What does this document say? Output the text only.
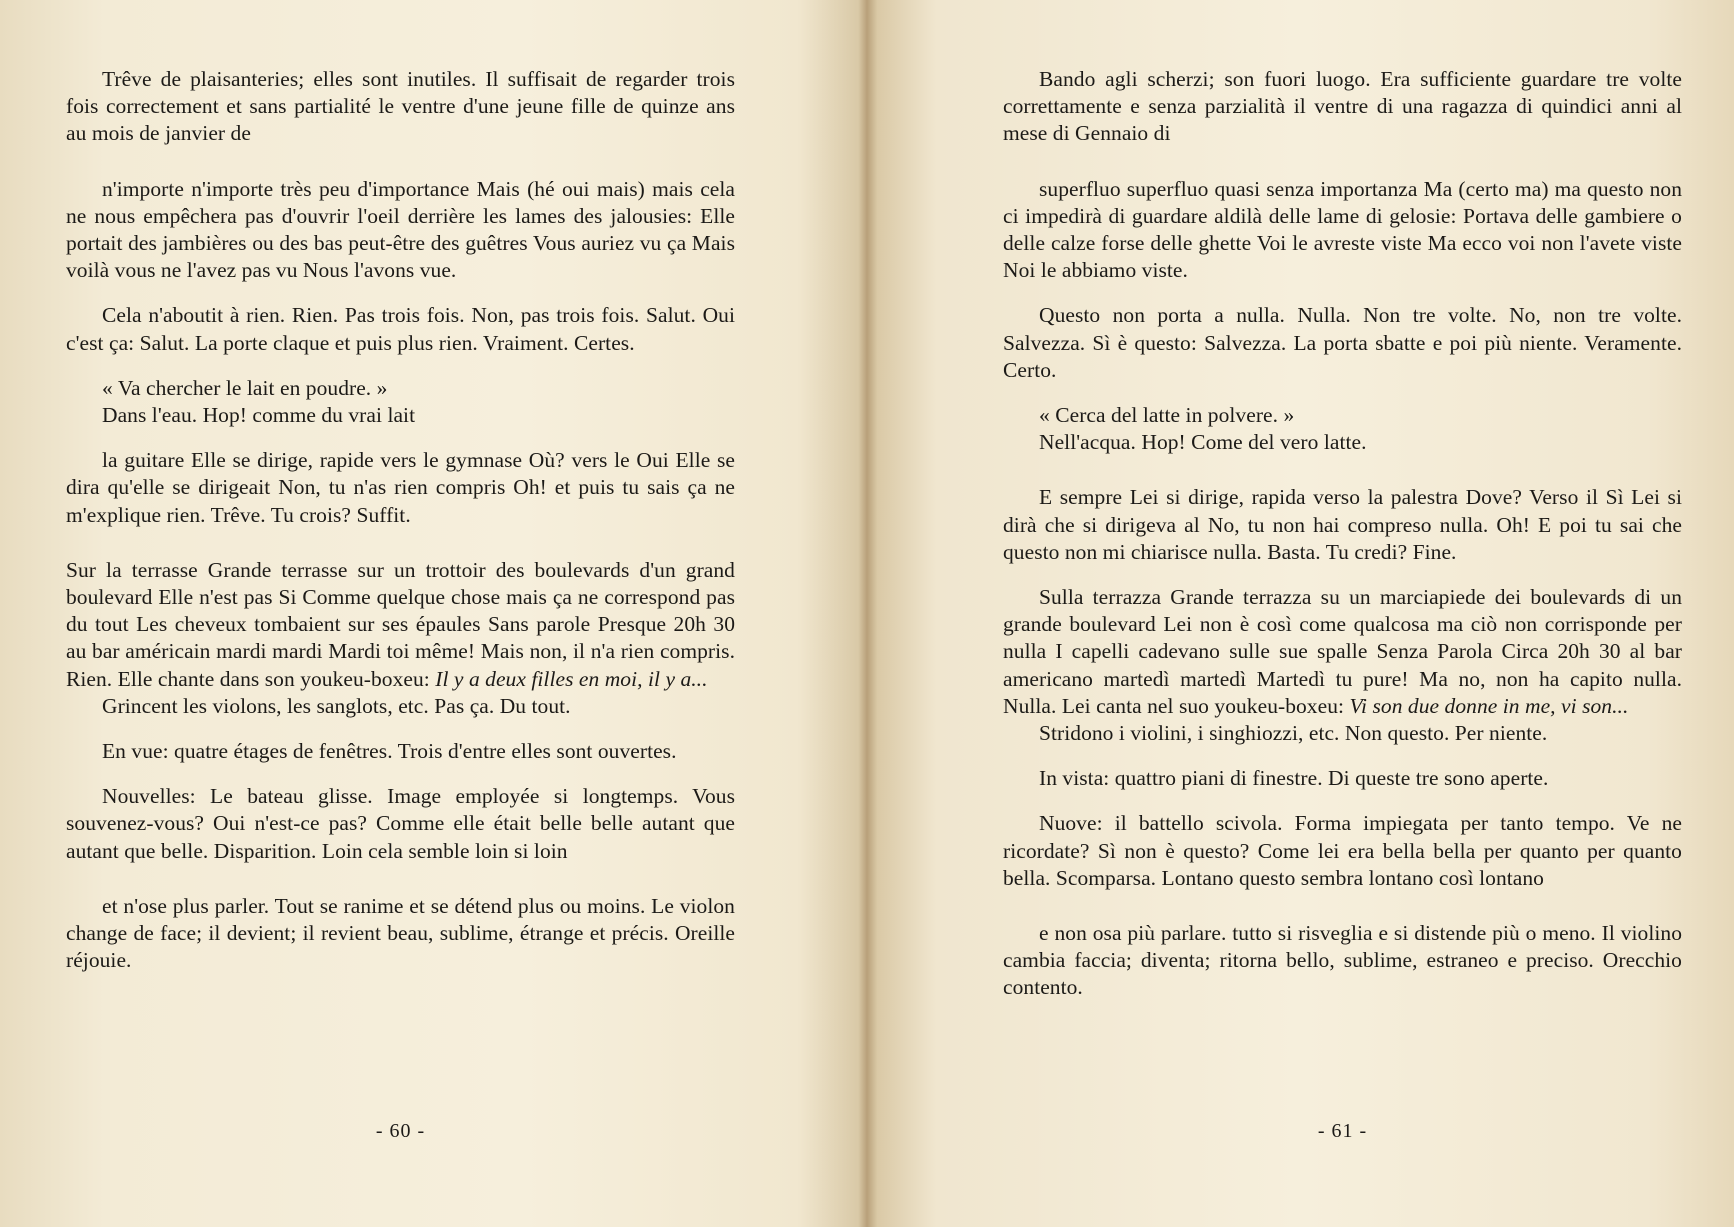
Trêve de plaisanteries; elles sont inutiles. Il suffisait de regarder trois fois correctement et sans partialité le ventre d'une jeune fille de quinze ans au mois de janvier de

n'importe n'importe très peu d'importance Mais (hé oui mais) mais cela ne nous empêchera pas d'ouvrir l'oeil derrière les lames des jalousies: Elle portait des jambières ou des bas peut-être des guêtres Vous auriez vu ça Mais voilà vous ne l'avez pas vu Nous l'avons vue.

Cela n'aboutit à rien. Rien. Pas trois fois. Non, pas trois fois. Salut. Oui c'est ça: Salut. La porte claque et puis plus rien. Vraiment. Certes.

« Va chercher le lait en poudre. »

Dans l'eau. Hop! comme du vrai lait

la guitare Elle se dirige, rapide vers le gymnase Où? vers le Oui Elle se dira qu'elle se dirigeait Non, tu n'as rien compris Oh! et puis tu sais ça ne m'explique rien. Trêve. Tu crois? Suffit.

Sur la terrasse Grande terrasse sur un trottoir des boulevards d'un grand boulevard Elle n'est pas Si Comme quelque chose mais ça ne correspond pas du tout Les cheveux tombaient sur ses épaules Sans parole Presque 20h 30 au bar américain mardi mardi Mardi toi même! Mais non, il n'a rien compris. Rien. Elle chante dans son youkeu-boxeu: Il y a deux filles en moi, il y a...

Grincent les violons, les sanglots, etc. Pas ça. Du tout.

En vue: quatre étages de fenêtres. Trois d'entre elles sont ouvertes.

Nouvelles: Le bateau glisse. Image employée si longtemps. Vous souvenez-vous? Oui n'est-ce pas? Comme elle était belle belle autant que autant que belle. Disparition. Loin cela semble loin si loin

et n'ose plus parler. Tout se ranime et se détend plus ou moins. Le violon change de face; il devient; il revient beau, sublime, étrange et précis. Oreille réjouie.

- 60 -

Bando agli scherzi; son fuori luogo. Era sufficiente guardare tre volte correttamente e senza parzialità il ventre di una ragazza di quindici anni al mese di Gennaio di

superfluo superfluo quasi senza importanza Ma (certo ma) ma questo non ci impedirà di guardare aldilà delle lame di gelosie: Portava delle gambiere o delle calze forse delle ghette Voi le avreste viste Ma ecco voi non l'avete viste Noi le abbiamo viste.

Questo non porta a nulla. Nulla. Non tre volte. No, non tre volte. Salvezza. Sì è questo: Salvezza. La porta sbatte e poi più niente. Veramente. Certo.

« Cerca del latte in polvere. »

Nell'acqua. Hop! Come del vero latte.

E sempre Lei si dirige, rapida verso la palestra Dove? Verso il Sì Lei si dirà che si dirigeva al No, tu non hai compreso nulla. Oh! E poi tu sai che questo non mi chiarisce nulla. Basta. Tu credi? Fine.

Sulla terrazza Grande terrazza su un marciapiede dei boulevards di un grande boulevard Lei non è così come qualcosa ma ciò non corrisponde per nulla I capelli cadevano sulle sue spalle Senza Parola Circa 20h 30 al bar americano martedì martedì Martedì tu pure! Ma no, non ha capito nulla. Nulla. Lei canta nel suo youkeu-boxeu: Vi son due donne in me, vi son...

Stridono i violini, i singhiozzi, etc. Non questo. Per niente.

In vista: quattro piani di finestre. Di queste tre sono aperte.

Nuove: il battello scivola. Forma impiegata per tanto tempo. Ve ne ricordate? Sì non è questo? Come lei era bella bella per quanto per quanto bella. Scomparsa. Lontano questo sembra lontano così lontano

e non osa più parlare. tutto si risveglia e si distende più o meno. Il violino cambia faccia; diventa; ritorna bello, sublime, estraneo e preciso. Orecchio contento.

- 61 -
